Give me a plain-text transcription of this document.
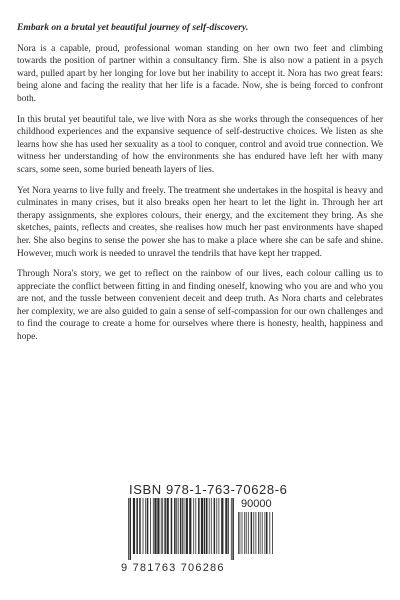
Embark on a brutal yet beautiful journey of self-discovery.

Nora is a capable, proud, professional woman standing on her own two feet and climbing towards the position of partner within a consultancy firm. She is also now a patient in a psych ward, pulled apart by her longing for love but her inability to accept it. Nora has two great fears: being alone and facing the reality that her life is a facade. Now, she is being forced to confront both.

In this brutal yet beautiful tale, we live with Nora as she works through the consequences of her childhood experiences and the expansive sequence of self-destructive choices. We listen as she learns how she has used her sexuality as a tool to conquer, control and avoid true connection. We witness her understanding of how the environments she has endured have left her with many scars, some seen, some buried beneath layers of lies.

Yet Nora yearns to live fully and freely. The treatment she undertakes in the hospital is heavy and culminates in many crises, but it also breaks open her heart to let the light in. Through her art therapy assignments, she explores colours, their energy, and the excitement they bring. As she sketches, paints, reflects and creates, she realises how much her past environments have shaped her. She also begins to sense the power she has to make a place where she can be safe and shine. However, much work is needed to unravel the tendrils that have kept her trapped.

Through Nora's story, we get to reflect on the rainbow of our lives, each colour calling us to appreciate the conflict between fitting in and finding oneself, knowing who you are and who you are not, and the tussle between convenient deceit and deep truth. As Nora charts and celebrates her complexity, we are also guided to gain a sense of self-compassion for our own challenges and to find the courage to create a home for ourselves where there is honesty, health, happiness and hope.

ISBN 978-1-763-70628-6
90000
9 781763 706286
